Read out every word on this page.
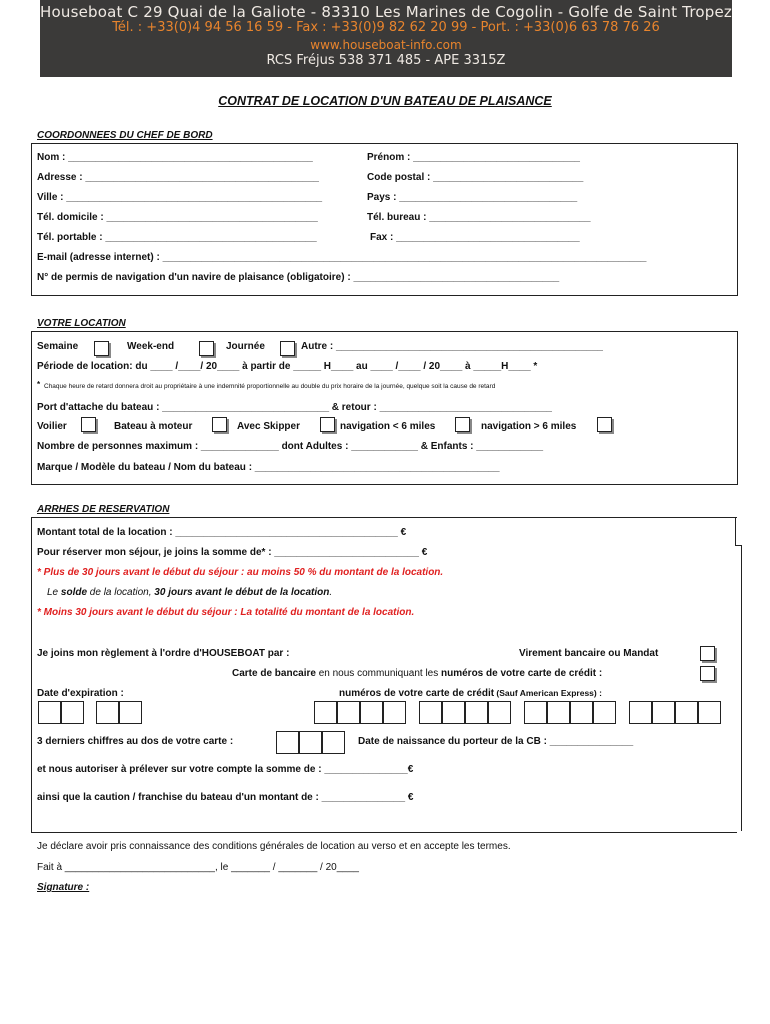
Houseboat C 29 Quai de la Galiote - 83310 Les Marines de Cogolin - Golfe de Saint Tropez
Tél. : +33(0)4 94 56 16 59 - Fax : +33(0)9 82 62 20 99 - Port. : +33(0)6 63 78 76 26
www.houseboat-info.com
RCS Fréjus 538 371 485 - APE 3315Z
CONTRAT DE LOCATION D'UN BATEAU DE PLAISANCE
COORDONNEES DU CHEF DE BORD
Nom : ____________________________________________	Prénom : ______________________________
Adresse : __________________________________________	Code postal : ___________________________
Ville : ______________________________________________	Pays : ________________________________
Tél. domicile : ______________________________________	Tél. bureau : _____________________________
Tél. portable : ______________________________________	Fax : _________________________________
E-mail (adresse internet) : _______________________________________________________________________________________
N° de permis de navigation d'un navire de plaisance (obligatoire) : _____________________________________
VOTRE LOCATION
Semaine	Week-end	Journée	Autre : ________________________________________________
Période de location: du ____ /____/ 20____ à partir de _____ H____ au ____ /____ / 20____ à _____H____ *
* Chaque heure de retard donnera droit au propriétaire à une indemnité proportionnelle au double du prix horaire de la journée, quelque soit la cause de retard
Port d'attache du bateau : ______________________________ & retour : _______________________________
Voilier	Bateau à moteur	Avec Skipper	navigation < 6 miles	navigation > 6 miles
Nombre de personnes maximum : ______________ dont Adultes : ____________ & Enfants : ____________
Marque / Modèle du bateau / Nom du bateau : ____________________________________________
ARRHES DE RESERVATION
Montant total de la location : ________________________________________ €
Pour réserver mon séjour, je joins la somme de* : __________________________ €
* Plus de 30 jours avant le début du séjour : au moins 50 % du montant de la location.
Le solde de la location, 30 jours avant le début de la location.
* Moins 30 jours avant le début du séjour : La totalité du montant de la location.
Je joins mon règlement à l'ordre d'HOUSEBOAT par :	Virement bancaire ou Mandat
Carte de bancaire en nous communiquant les numéros de votre carte de crédit :
Date d'expiration :	numéros de votre carte de crédit (Sauf American Express) :
3 derniers chiffres au dos de votre carte :	Date de naissance du porteur de la CB : _______________
et nous autoriser à prélever sur votre compte la somme de : _______________€
ainsi que la caution / franchise du bateau d'un montant de : _______________ €
Je déclare avoir pris connaissance des conditions générales de location au verso et en accepte les termes.
Fait à ___________________________, le _______ / _______ / 20____
Signature :
